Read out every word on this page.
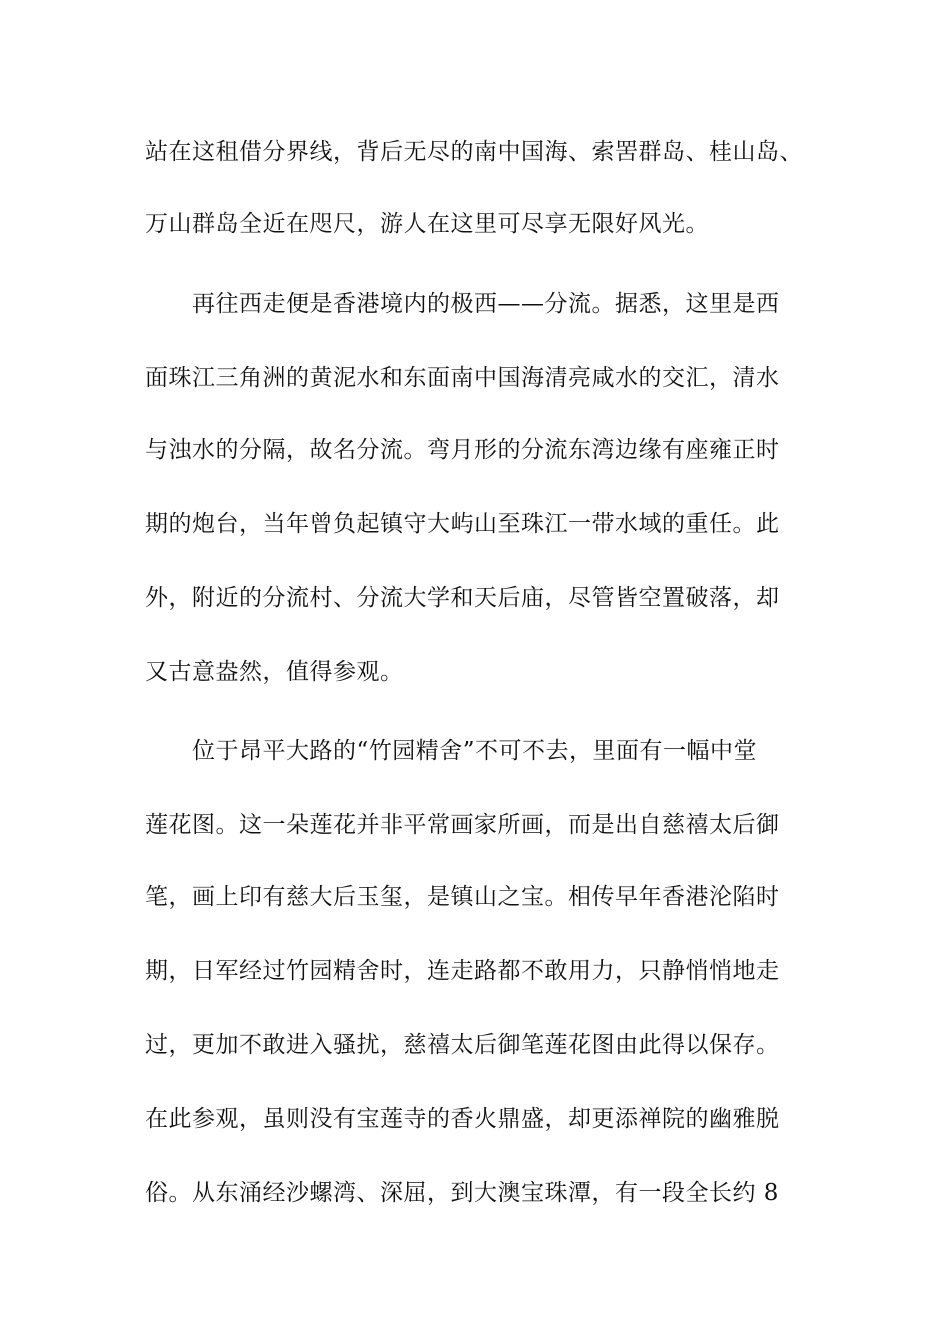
站在这租借分界线，背后无尽的南中国海、索罟群岛、桂山岛、
万山群岛全近在咫尺，游人在这里可尽享无限好风光。
再往西走便是香港境内的极西——分流。据悉，这里是西
面珠江三角洲的黄泥水和东面南中国海清亮咸水的交汇，清水
与浊水的分隔，故名分流。弯月形的分流东湾边缘有座雍正时
期的炮台，当年曾负起镇守大屿山至珠江一带水域的重任。此
外，附近的分流村、分流大学和天后庙，尽管皆空置破落，却
又古意盎然，值得参观。
位于昂平大路的“竹园精舍”不可不去，里面有一幅中堂
莲花图。这一朵莲花并非平常画家所画，而是出自慈禧太后御
笔，画上印有慈大后玉玺，是镇山之宝。相传早年香港沦陷时
期，日军经过竹园精舍时，连走路都不敢用力，只静悄悄地走
过，更加不敢进入骚扰，慈禧太后御笔莲花图由此得以保存。
在此参观，虽则没有宝莲寺的香火鼎盛，却更添禅院的幽雅脱
俗。从东涌经沙螺湾、深屈，到大澳宝珠潭，有一段全长约 8
